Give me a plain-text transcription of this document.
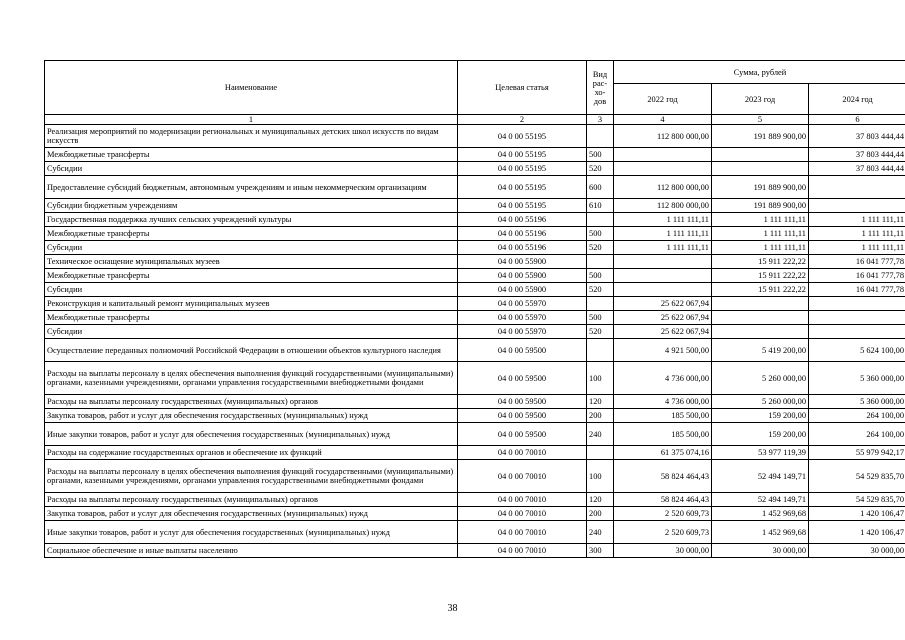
Наименование	Целевая статья	Вид рас-хо-дов	Сумма, рублей		
			2022 год	2023 год	2024 год
1	2	3	4	5	6
Реализация мероприятий по модернизации региональных и муниципальных детских школ искусств по видам искусств	04 0 00 55195		112 800 000,00	191 889 900,00	37 803 444,44
Межбюджетные трансферты	04 0 00 55195	500			37 803 444,44
Субсидии	04 0 00 55195	520			37 803 444,44
Предоставление субсидий бюджетным, автономным учреждениям и иным некоммерческим организациям	04 0 00 55195	600	112 800 000,00	191 889 900,00	
Субсидии бюджетным учреждениям	04 0 00 55195	610	112 800 000,00	191 889 900,00	
Государственная поддержка лучших сельских учреждений культуры	04 0 00 55196		1 111 111,11	1 111 111,11	1 111 111,11
Межбюджетные трансферты	04 0 00 55196	500	1 111 111,11	1 111 111,11	1 111 111,11
Субсидии	04 0 00 55196	520	1 111 111,11	1 111 111,11	1 111 111,11
Техническое оснащение муниципальных музеев	04 0 00 55900			15 911 222,22	16 041 777,78
Межбюджетные трансферты	04 0 00 55900	500		15 911 222,22	16 041 777,78
Субсидии	04 0 00 55900	520		15 911 222,22	16 041 777,78
Реконструкция и капитальный ремонт муниципальных музеев	04 0 00 55970		25 622 067,94		
Межбюджетные трансферты	04 0 00 55970	500	25 622 067,94		
Субсидии	04 0 00 55970	520	25 622 067,94		
Осуществление переданных полномочий Российской Федерации в отношении объектов культурного наследия	04 0 00 59500		4 921 500,00	5 419 200,00	5 624 100,00
Расходы на выплаты персоналу в целях обеспечения выполнения функций государственными (муниципальными) органами, казенными учреждениями, органами управления государственными внебюджетными фондами	04 0 00 59500	100	4 736 000,00	5 260 000,00	5 360 000,00
Расходы на выплаты персоналу государственных (муниципальных) органов	04 0 00 59500	120	4 736 000,00	5 260 000,00	5 360 000,00
Закупка товаров, работ и услуг для обеспечения государственных (муниципальных) нужд	04 0 00 59500	200	185 500,00	159 200,00	264 100,00
Иные закупки товаров, работ и услуг для обеспечения государственных (муниципальных) нужд	04 0 00 59500	240	185 500,00	159 200,00	264 100,00
Расходы на содержание государственных органов и обеспечение их функций	04 0 00 70010		61 375 074,16	53 977 119,39	55 979 942,17
Расходы на выплаты персоналу в целях обеспечения выполнения функций государственными (муниципальными) органами, казенными учреждениями, органами управления государственными внебюджетными фондами	04 0 00 70010	100	58 824 464,43	52 494 149,71	54 529 835,70
Расходы на выплаты персоналу государственных (муниципальных) органов	04 0 00 70010	120	58 824 464,43	52 494 149,71	54 529 835,70
Закупка товаров, работ и услуг для обеспечения государственных (муниципальных) нужд	04 0 00 70010	200	2 520 609,73	1 452 969,68	1 420 106,47
Иные закупки товаров, работ и услуг для обеспечения государственных (муниципальных) нужд	04 0 00 70010	240	2 520 609,73	1 452 969,68	1 420 106,47
Социальное обеспечение и иные выплаты населению	04 0 00 70010	300	30 000,00	30 000,00	30 000,00
38
